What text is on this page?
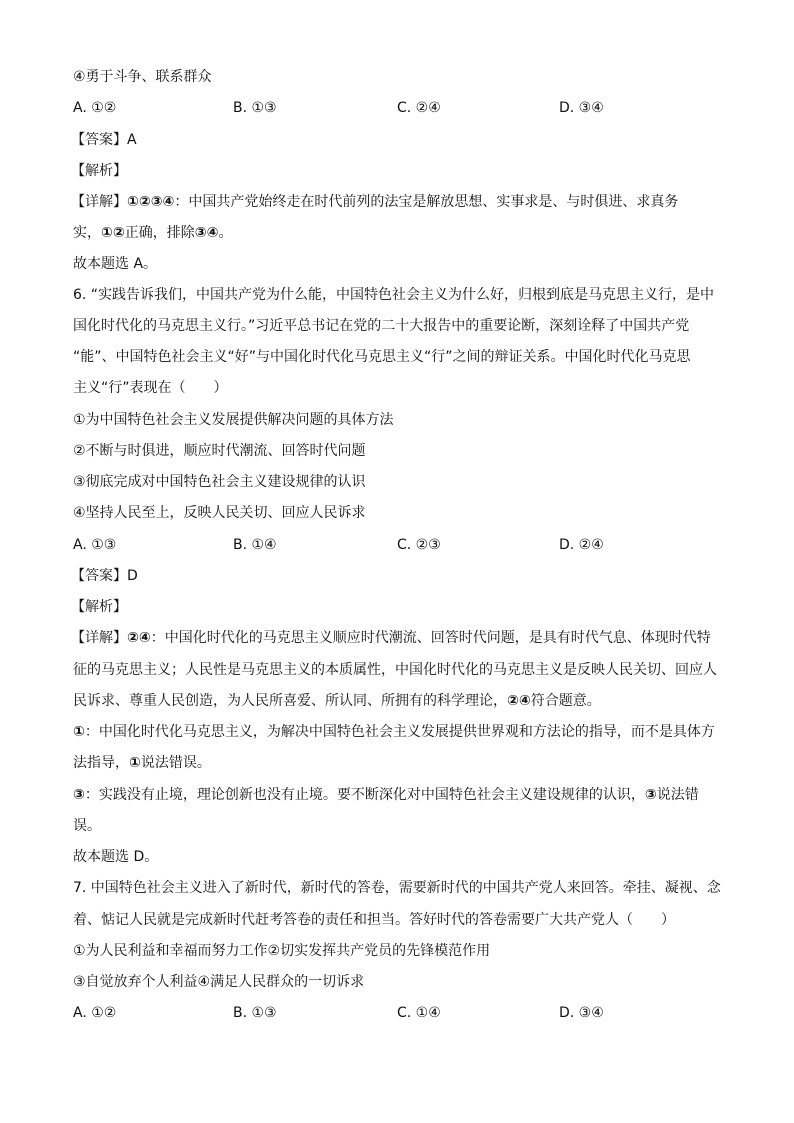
④勇于斗争、联系群众
A. ①②	B. ①③	C. ②④	D. ③④
【答案】A
【解析】
【详解】①②③④：中国共产党始终走在时代前列的法宝是解放思想、实事求是、与时俱进、求真务
实，①②正确，排除③④。
故本题选 A。
6. “实践告诉我们，中国共产党为什么能，中国特色社会主义为什么好，归根到底是马克思主义行，是中
国化时代化的马克思主义行。”习近平总书记在党的二十大报告中的重要论断，深刻诠释了中国共产党
“能”、中国特色社会主义“好”与中国化时代化马克思主义“行”之间的辩证关系。中国化时代化马克思
主义“行”表现在（　　）
①为中国特色社会主义发展提供解决问题的具体方法
②不断与时俱进，顺应时代潮流、回答时代问题
③彻底完成对中国特色社会主义建设规律的认识
④坚持人民至上，反映人民关切、回应人民诉求
A. ①③	B. ①④	C. ②③	D. ②④
【答案】D
【解析】
【详解】②④：中国化时代化的马克思主义顺应时代潮流、回答时代问题，是具有时代气息、体现时代特
征的马克思主义；人民性是马克思主义的本质属性，中国化时代化的马克思主义是反映人民关切、回应人
民诉求、尊重人民创造，为人民所喜爱、所认同、所拥有的科学理论，②④符合题意。
①：中国化时代化马克思主义，为解决中国特色社会主义发展提供世界观和方法论的指导，而不是具体方
法指导，①说法错误。
③：实践没有止境，理论创新也没有止境。要不断深化对中国特色社会主义建设规律的认识，③说法错
误。
故本题选 D。
7. 中国特色社会主义进入了新时代，新时代的答卷，需要新时代的中国共产党人来回答。牵挂、凝视、念
着、惦记人民就是完成新时代赶考答卷的责任和担当。答好时代的答卷需要广大共产党人（　　）
①为人民利益和幸福而努力工作②切实发挥共产党员的先锋模范作用
③自觉放弃个人利益④满足人民群众的一切诉求
A. ①②	B. ①③	C. ①④	D. ③④
